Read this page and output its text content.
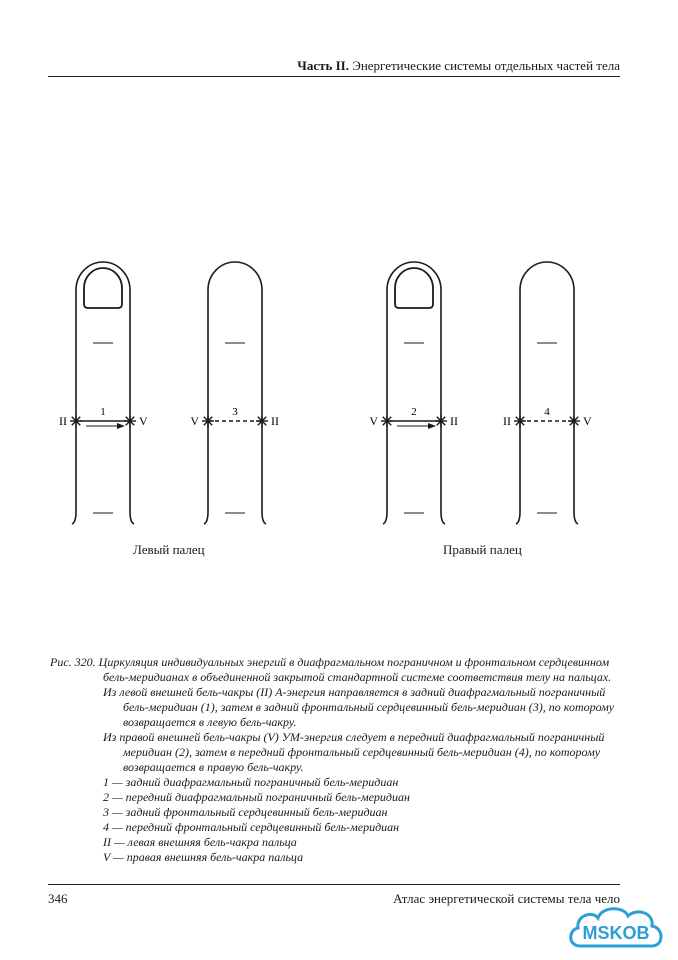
Часть II. Энергетические системы отдельных частей тела
1
II	V
3
V	II
2
V	II
4
II	V
Левый палец	Правый палец
Рис. 320. Циркуляция индивидуальных энергий в диафрагмальном пограничном и фронтальном сердцевинном бель-меридианах в объединенной закрытой стандартной системе соответствия телу на пальцах.
Из левой внешней бель-чакры (II) А-энергия направляется в задний диафрагмальный пограничный бель-меридиан (1), затем в задний фронтальный сердцевинный бель-меридиан (3), по которому возвращается в левую бель-чакру.
Из правой внешней бель-чакры (V) УМ-энергия следует в передний диафрагмальный пограничный меридиан (2), затем в передний фронтальный сердцевинный бель-меридиан (4), по которому возвращается в правую бель-чакру.
1 — задний диафрагмальный пограничный бель-меридиан
2 — передний диафрагмальный пограничный бель-меридиан
3 — задний фронтальный сердцевинный бель-меридиан
4 — передний фронтальный сердцевинный бель-меридиан
II — левая внешняя бель-чакра пальца
V — правая внешняя бель-чакра пальца
346	Атлас энергетической системы тела чело
MSKOB
